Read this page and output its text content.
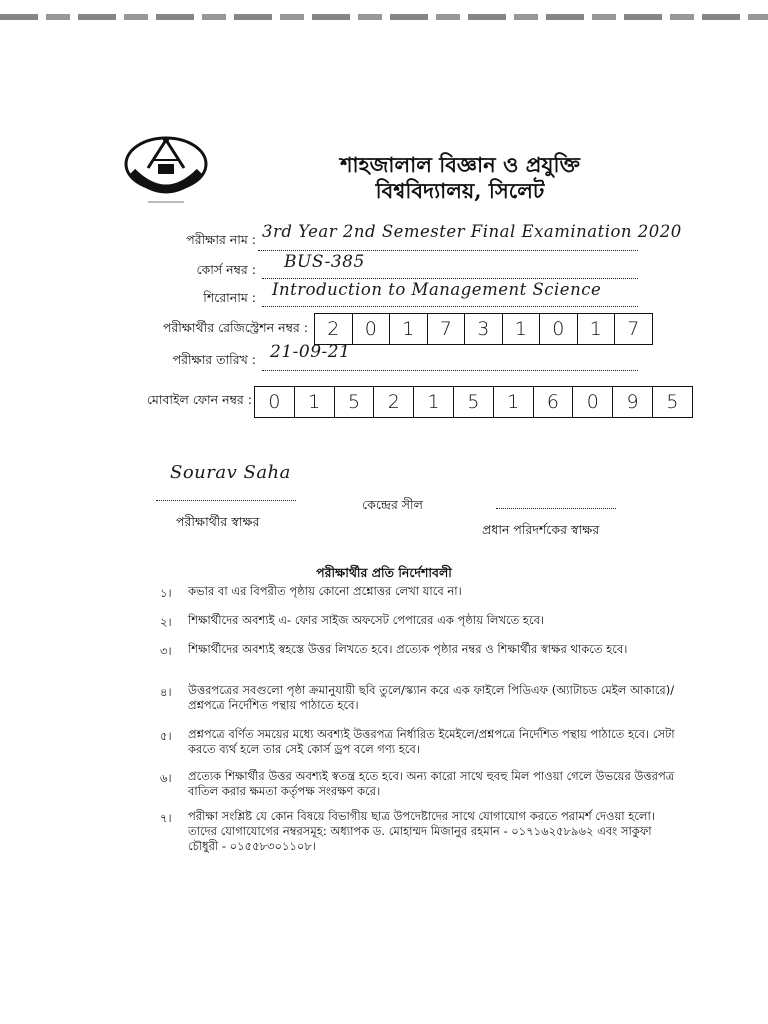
শাহজালাল বিজ্ঞান ও প্রযুক্তি
বিশ্ববিদ্যালয়, সিলেট
পরীক্ষার নাম : 3rd Year 2nd Semester Final Examination 2020
কোর্স নম্বর : BUS-385
শিরোনাম : Introduction to Management Science
পরীক্ষার্থীর রেজিস্ট্রেশন নম্বর :	2	0	1	7	3	1	0	1	7
পরীক্ষার তারিখ : 21-09-21
মোবাইল ফোন নম্বর : 0	1	5	2	1	5	1	6	0	9	5
Sourav Saha
পরীক্ষার্থীর স্বাক্ষর
কেন্দ্রের সীল
প্রধান পরিদর্শকের স্বাক্ষর
পরীক্ষার্থীর প্রতি নির্দেশাবলী
১।	কভার বা এর বিপরীত পৃষ্ঠায় কোনো প্রশ্নোত্তর লেখা যাবে না।
২।	শিক্ষার্থীদের অবশ্যই এ- ফোর সাইজ অফসেট পেপারের এক পৃষ্ঠায় লিখতে হবে।
৩।	শিক্ষার্থীদের অবশ্যই স্বহস্তে উত্তর লিখতে হবে। প্রত্যেক পৃষ্ঠার নম্বর ও শিক্ষার্থীর স্বাক্ষর থাকতে হবে।
৪।	উত্তরপত্রের সবগুলো পৃষ্ঠা ক্রমানুযায়ী ছবি তুলে/স্ক্যান করে এক ফাইলে পিডিএফ (অ্যাটাচড মেইল আকারে)/প্রশ্নপত্রে নির্দেশিত পন্থায় পাঠাতে হবে।
৫।	প্রশ্নপত্রে বর্ণিত সময়ের মধ্যে অবশ্যই উত্তরপত্র নির্ধারিত ইমেইলে/প্রশ্নপত্রে নির্দেশিত পন্থায় পাঠাতে হবে। সেটা করতে ব্যর্থ হলে তার সেই কোর্স ড্রপ বলে গণ্য হবে।
৬।	প্রত্যেক শিক্ষার্থীর উত্তর অবশ্যই স্বতন্ত্র হতে হবে। অন্য কারো সাথে হুবহু মিল পাওয়া গেলে উভয়ের উত্তরপত্র বাতিল করার ক্ষমতা কর্তৃপক্ষ সংরক্ষণ করে।
৭।	পরীক্ষা সংশ্লিষ্ট যে কোন বিষয়ে বিভাগীয় ছাত্র উপদেষ্টাদের সাথে যোগাযোগ করতে পরামর্শ দেওয়া হলো। তাদের যোগাযোগের নম্বরসমূহ: অধ্যাপক ড. মোহাম্মদ মিজানুর রহমান - ০১৭১৬২৫৮৯৬২ এবং সাকুফা চৌধুরী - ০১৫৫৮৩০১১০৮।
